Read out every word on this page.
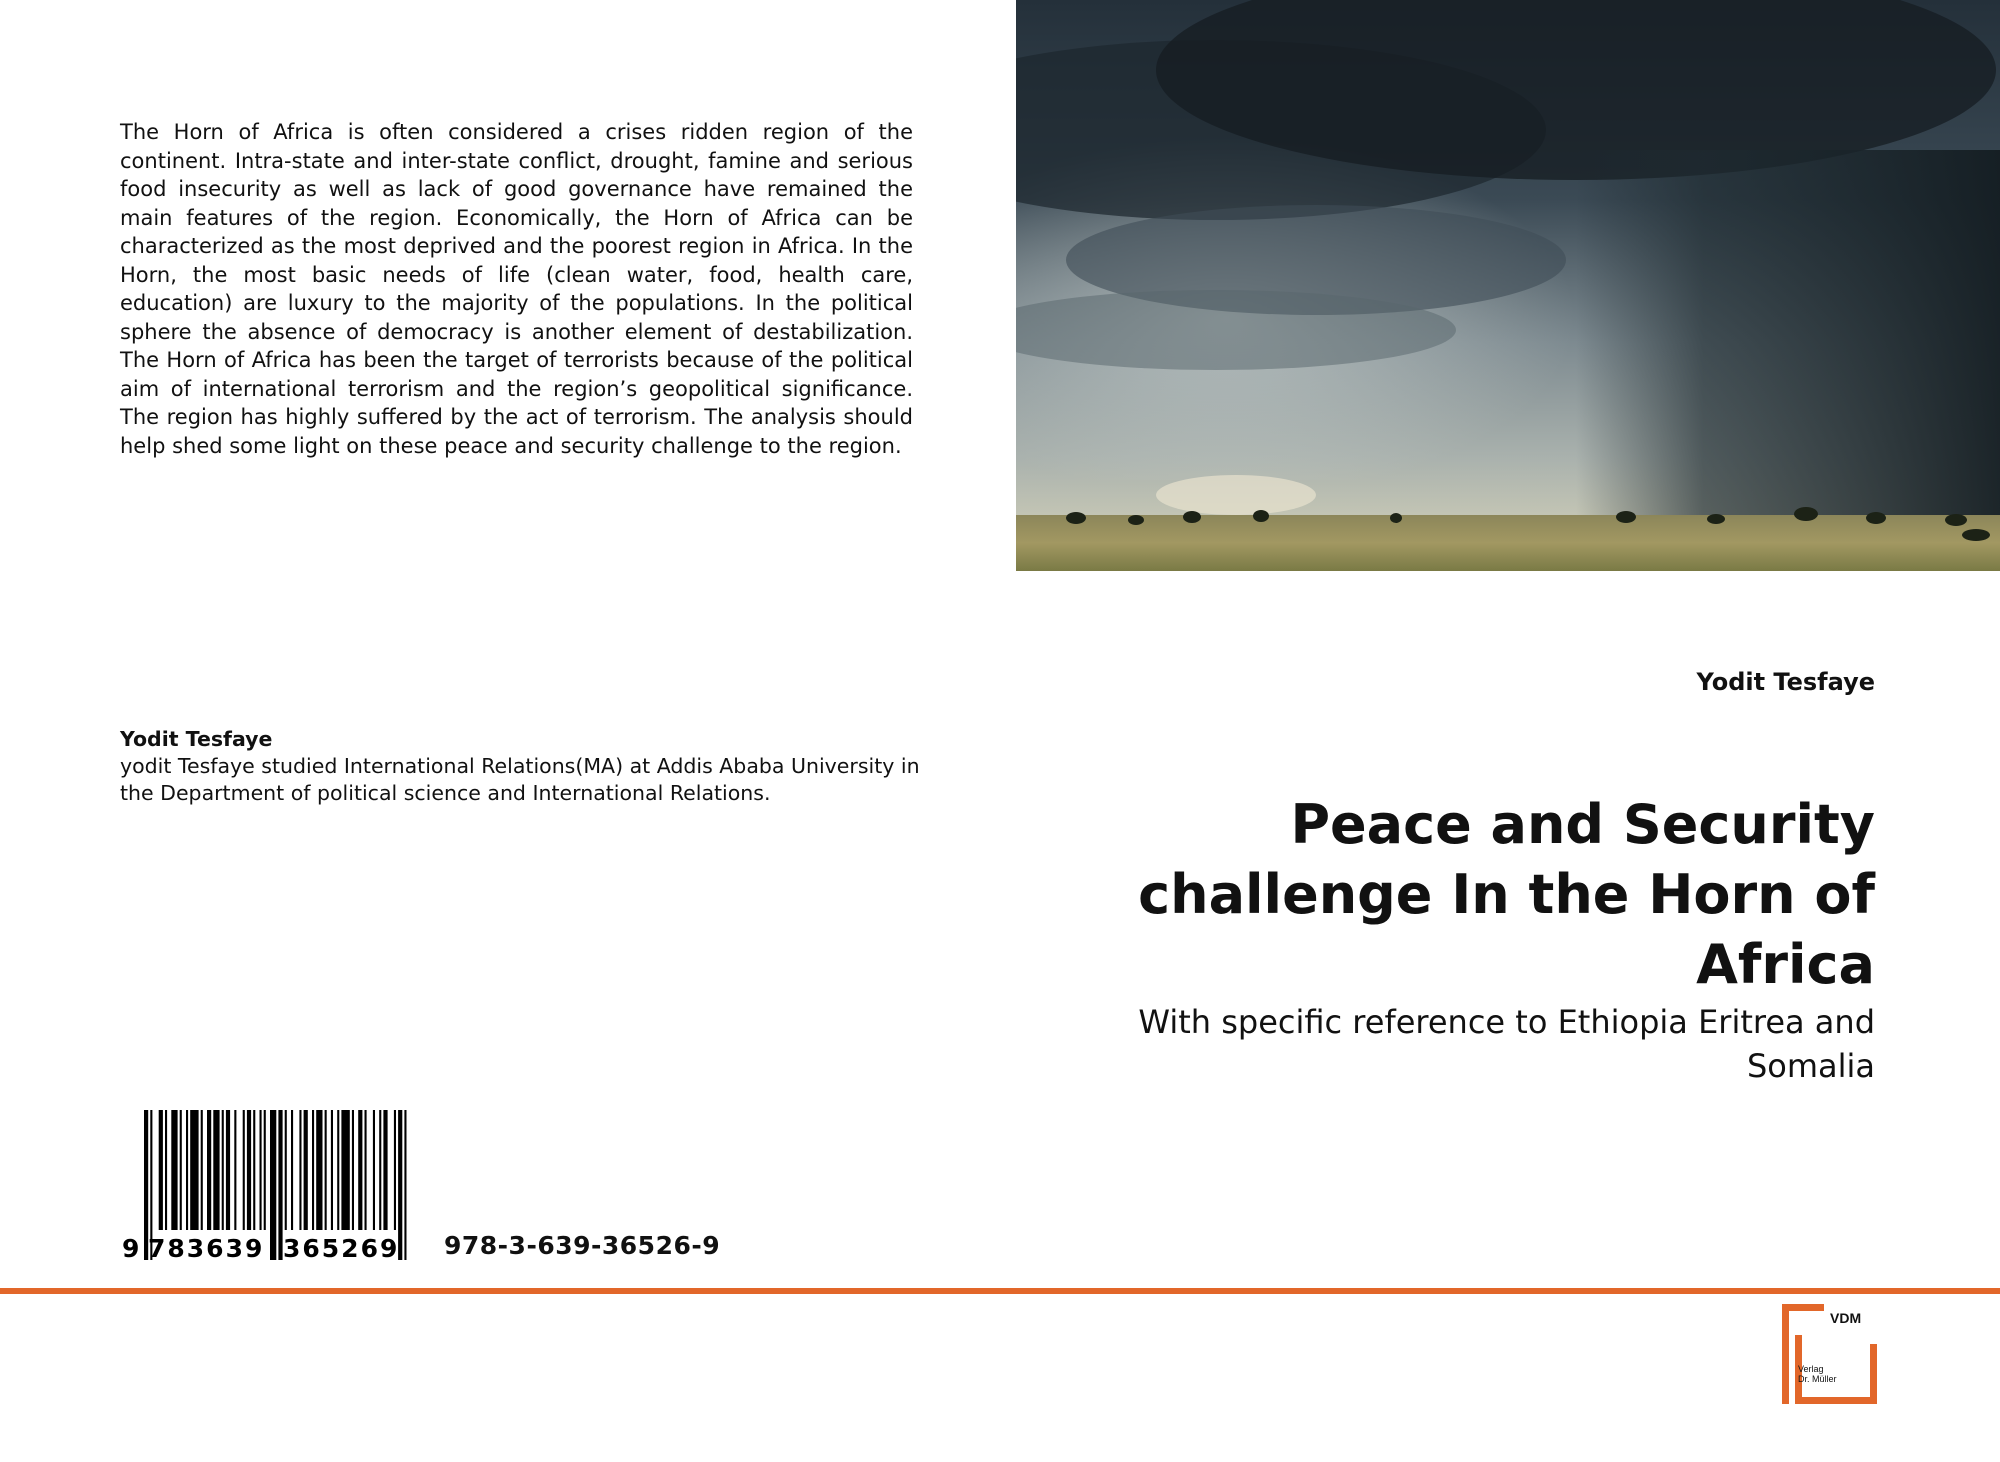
The Horn of Africa is often considered a crises ridden region of the continent. Intra-state and inter-state conflict, drought, famine and serious food insecurity as well as lack of good governance have remained the main features of the region. Economically, the Horn of Africa can be characterized as the most deprived and the poorest region in Africa. In the Horn, the most basic needs of life (clean water, food, health care, education) are luxury to the majority of the populations. In the political sphere the absence of democracy is another element of destabilization. The Horn of Africa has been the target of terrorists because of the political aim of international terrorism and the region’s geopolitical significance. The region has highly suffered by the act of terrorism. The analysis should help shed some light on these peace and security challenge to the region.
Yodit Tesfaye
yodit Tesfaye studied International Relations(MA) at Addis Ababa University in the Department of political science and International Relations.
9 783639 365269 978-3-639-36526-9
Yodit Tesfaye
Peace and Security challenge In the Horn of Africa
With specific reference to Ethiopia Eritrea and Somalia
VDM
Verlag
Dr. Müller
